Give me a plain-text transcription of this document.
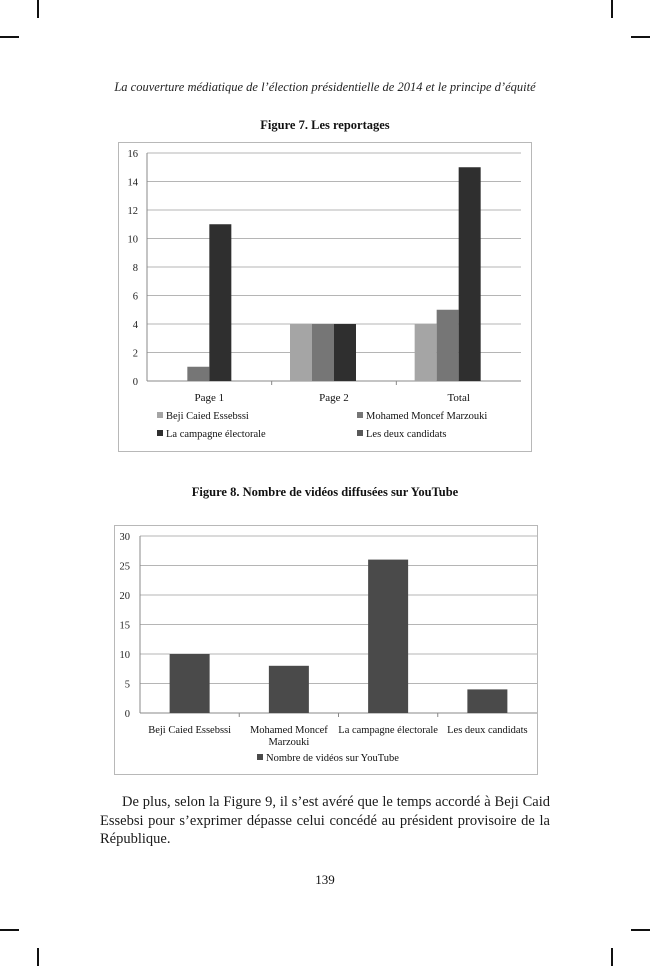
La couverture médiatique de l’élection présidentielle de 2014 et le principe d’équité
Figure 7. Les reportages
0
2
4
6
8
10
12
14
16
Page 1	Page 2	Total
Beji Caied Essebssi	Mohamed Moncef Marzouki
La campagne électorale	Les deux candidats
Figure 8. Nombre de vidéos diffusées sur YouTube
0
5
10
15
20
25
30
Beji Caied Essebssi Mohamed Moncef
Marzouki
La campagne électorale Les deux candidats
Nombre de vidéos sur YouTube

De plus, selon la Figure 9, il s’est avéré que le temps accordé à Beji Caid Essebsi pour s’exprimer dépasse celui concédé au président provisoire de la République.

139
